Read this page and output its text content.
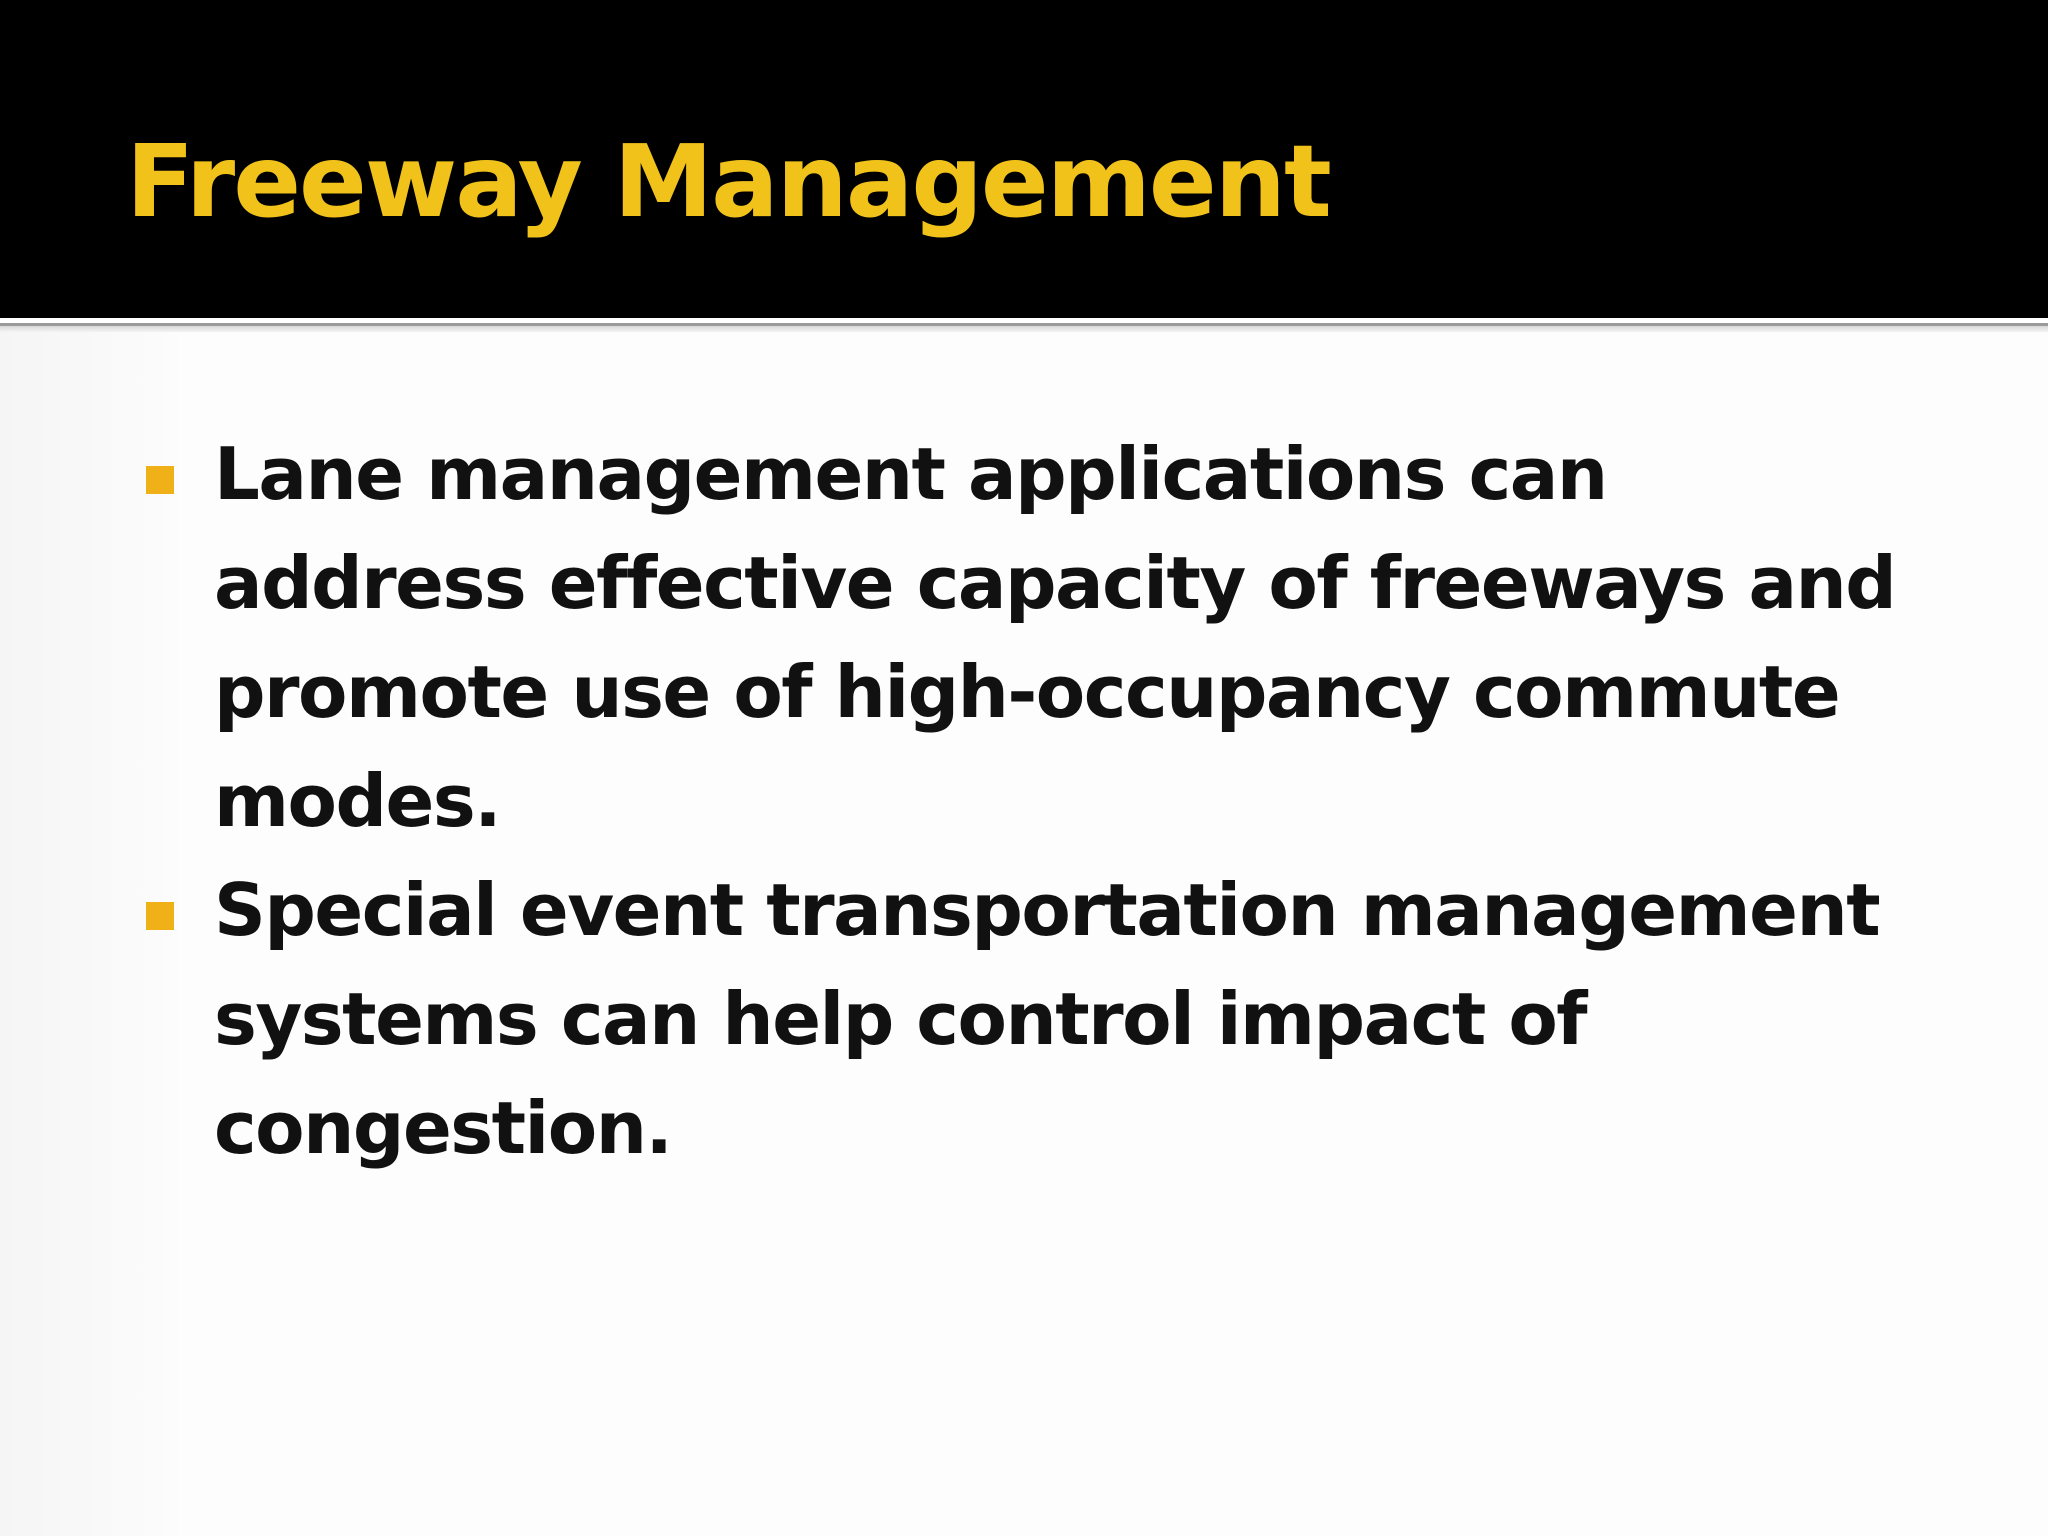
Freeway Management
Lane management applications can
address effective capacity of freeways and
promote use of high-occupancy commute
modes.
Special event transportation management
systems can help control impact of
congestion.
